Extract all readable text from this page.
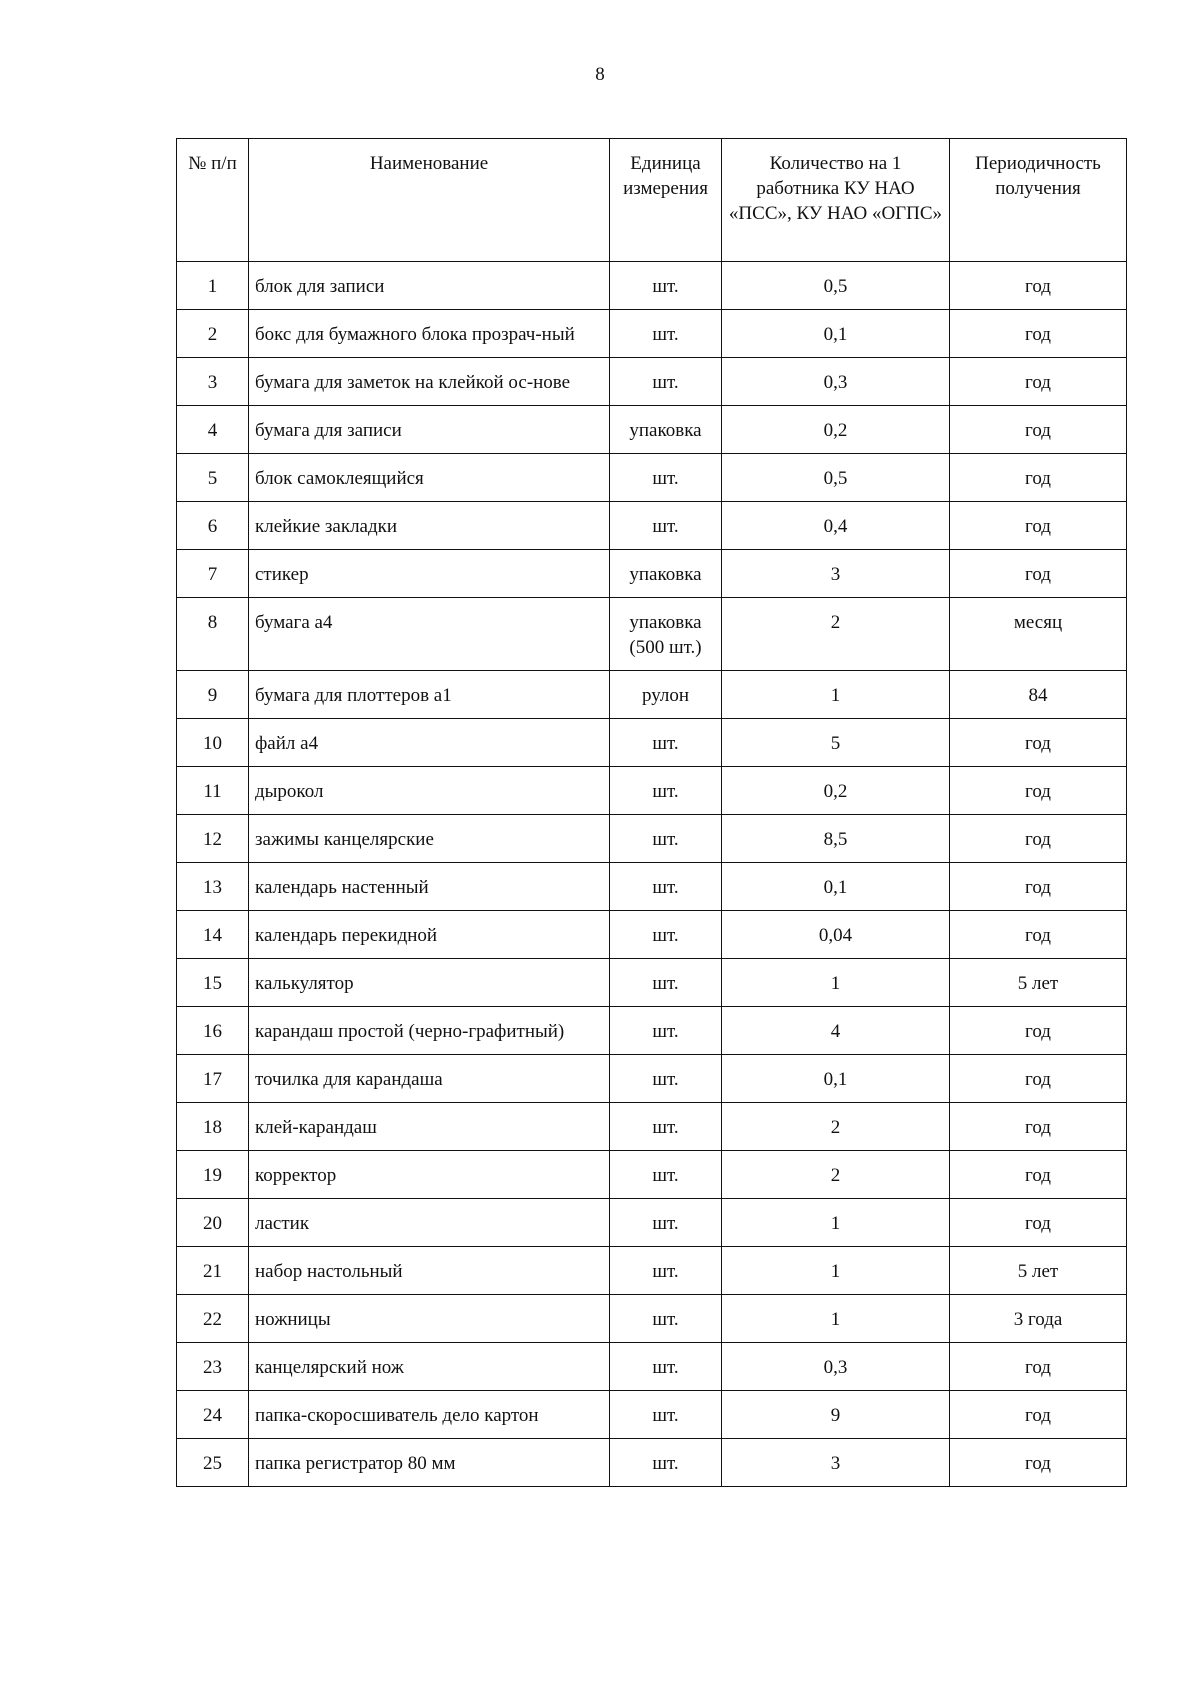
8
№ п/п	Наименование	Единица измерения	Количество на 1 работника КУ НАО «ПСС», КУ НАО «ОГПС»	Периодичность получения
1	блок для записи	шт.	0,5	год
2	бокс для бумажного блока прозрач-ный	шт.	0,1	год
3	бумага для заметок на клейкой ос-нове	шт.	0,3	год
4	бумага для записи	упаковка	0,2	год
5	блок самоклеящийся	шт.	0,5	год
6	клейкие закладки	шт.	0,4	год
7	стикер	упаковка	3	год
8	бумага а4	упаковка (500 шт.)	2	месяц
9	бумага для плоттеров а1	рулон	1	84
10	файл а4	шт.	5	год
11	дырокол	шт.	0,2	год
12	зажимы канцелярские	шт.	8,5	год
13	календарь настенный	шт.	0,1	год
14	календарь перекидной	шт.	0,04	год
15	калькулятор	шт.	1	5 лет
16	карандаш простой (черно-графитный)	шт.	4	год
17	точилка для карандаша	шт.	0,1	год
18	клей-карандаш	шт.	2	год
19	корректор	шт.	2	год
20	ластик	шт.	1	год
21	набор настольный	шт.	1	5 лет
22	ножницы	шт.	1	3 года
23	канцелярский нож	шт.	0,3	год
24	папка-скоросшиватель дело картон	шт.	9	год
25	папка регистратор 80 мм	шт.	3	год
